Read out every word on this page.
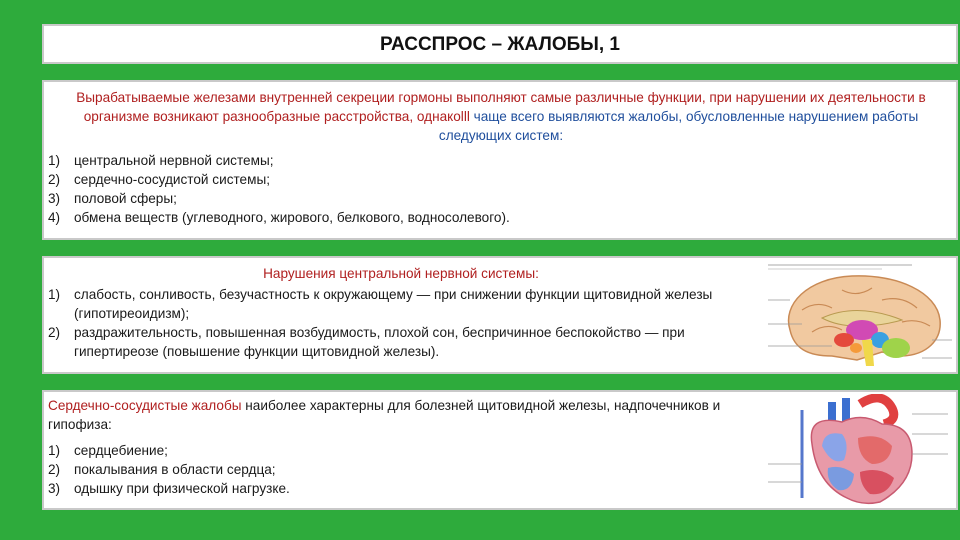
РАССПРОС – ЖАЛОБЫ, 1
Вырабатываемые железами внутренней секреции гормоны выполняют самые различные функции, при нарушении их деятельности в организме возникают разнообразные расстройства, однакоlll чаще всего выявляются жалобы, обусловленные нарушением работы следующих систем:
1)	центральной нервной системы;
2)	сердечно-сосудистой системы;
3)	половой сферы;
4)	обмена веществ (углеводного, жирового, белкового, водносолевого).
Нарушения центральной нервной системы:
1)	слабость, сонливость, безучастность к окружающему — при снижении функции щитовидной железы (гипотиреоидизм);
2)	раздражительность, повышенная возбудимость, плохой сон, беспричинное беспокойство — при гипертиреозе (повышение функции щитовидной железы).
Сердечно-сосудистые жалобы наиболее характерны для болезней щитовидной железы, надпочечников и гипофиза:
1)	сердцебиение;
2)	покалывания в области сердца;
3)	одышку при физической нагрузке.
